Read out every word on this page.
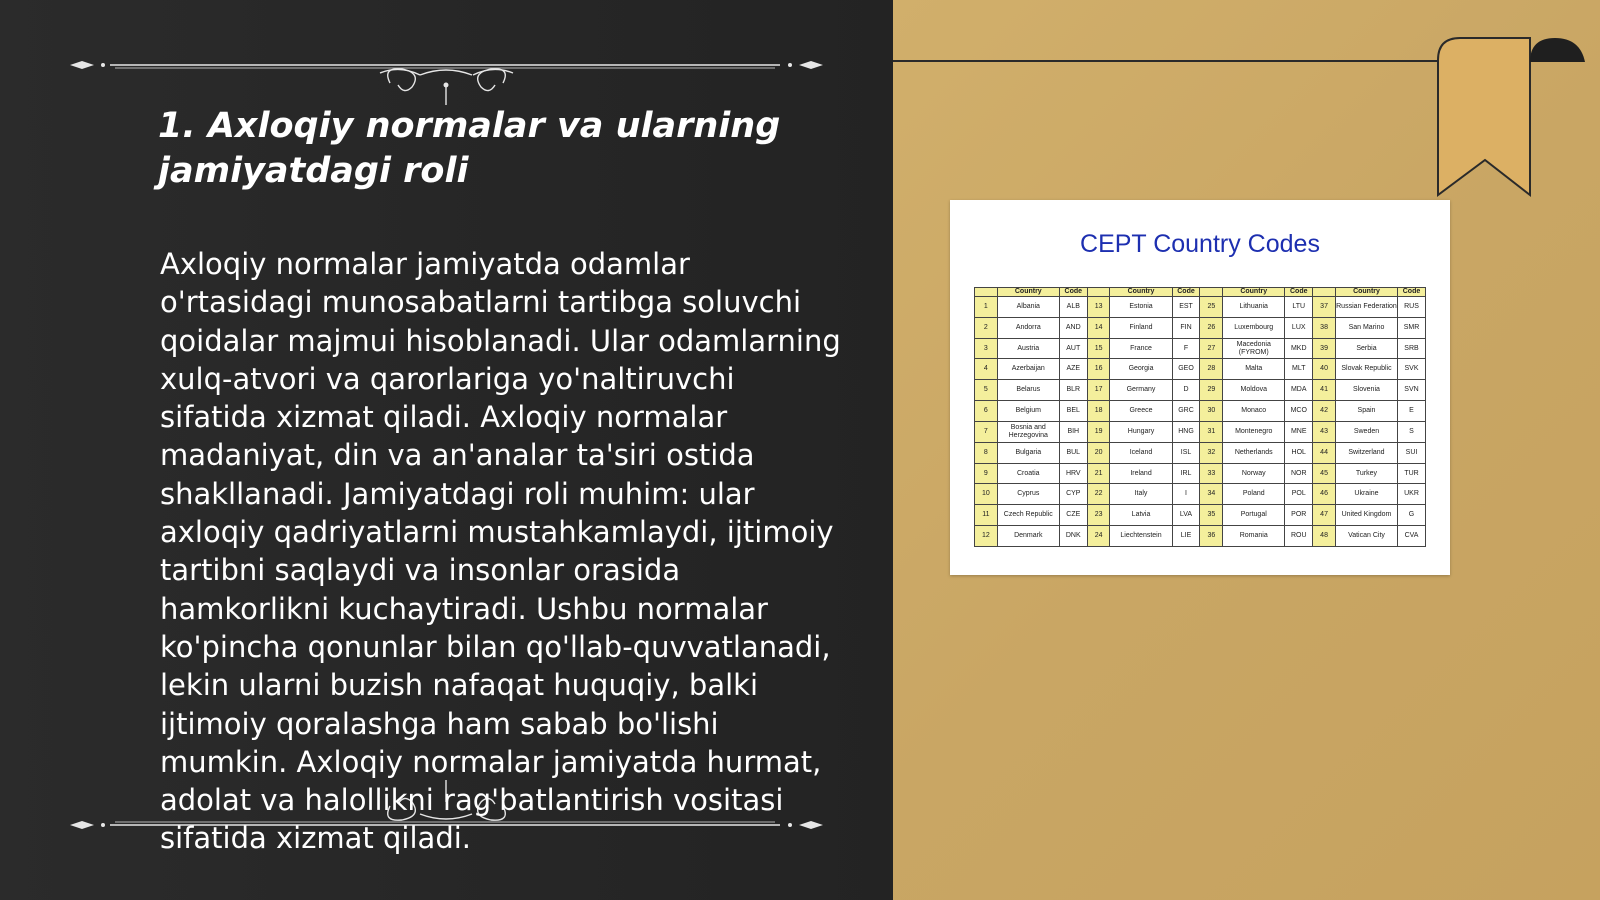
1. Axloqiy normalar va ularning
jamiyatdagi roli
Axloqiy normalar jamiyatda odamlar o'rtasidagi munosabatlarni tartibga soluvchi qoidalar majmui hisoblanadi. Ular odamlarning xulq-atvori va qarorlariga yo'naltiruvchi sifatida xizmat qiladi. Axloqiy normalar madaniyat, din va an'analar ta'siri ostida shakllanadi. Jamiyatdagi roli muhim: ular axloqiy qadriyatlarni mustahkamlaydi, ijtimoiy tartibni saqlaydi va insonlar orasida hamkorlikni kuchaytiradi. Ushbu normalar ko'pincha qonunlar bilan qo'llab-quvvatlanadi, lekin ularni buzish nafaqat huquqiy, balki ijtimoiy qoralashga ham sabab bo'lishi mumkin. Axloqiy normalar jamiyatda hurmat, adolat va halollikni rag'batlantirish vositasi sifatida xizmat qiladi.
CEPT Country Codes
	Country	Code		Country	Code		Country	Code		Country	Code
1	Albania	ALB	13	Estonia	EST	25	Lithuania	LTU	37	Russian Federation	RUS
2	Andorra	AND	14	Finland	FIN	26	Luxembourg	LUX	38	San Marino	SMR
3	Austria	AUT	15	France	F	27	Macedonia (FYROM)	MKD	39	Serbia	SRB
4	Azerbaijan	AZE	16	Georgia	GEO	28	Malta	MLT	40	Slovak Republic	SVK
5	Belarus	BLR	17	Germany	D	29	Moldova	MDA	41	Slovenia	SVN
6	Belgium	BEL	18	Greece	GRC	30	Monaco	MCO	42	Spain	E
7	Bosnia and Herzegovina	BIH	19	Hungary	HNG	31	Montenegro	MNE	43	Sweden	S
8	Bulgaria	BUL	20	Iceland	ISL	32	Netherlands	HOL	44	Switzerland	SUI
9	Croatia	HRV	21	Ireland	IRL	33	Norway	NOR	45	Turkey	TUR
10	Cyprus	CYP	22	Italy	I	34	Poland	POL	46	Ukraine	UKR
11	Czech Republic	CZE	23	Latvia	LVA	35	Portugal	POR	47	United Kingdom	G
12	Denmark	DNK	24	Liechtenstein	LIE	36	Romania	ROU	48	Vatican City	CVA
